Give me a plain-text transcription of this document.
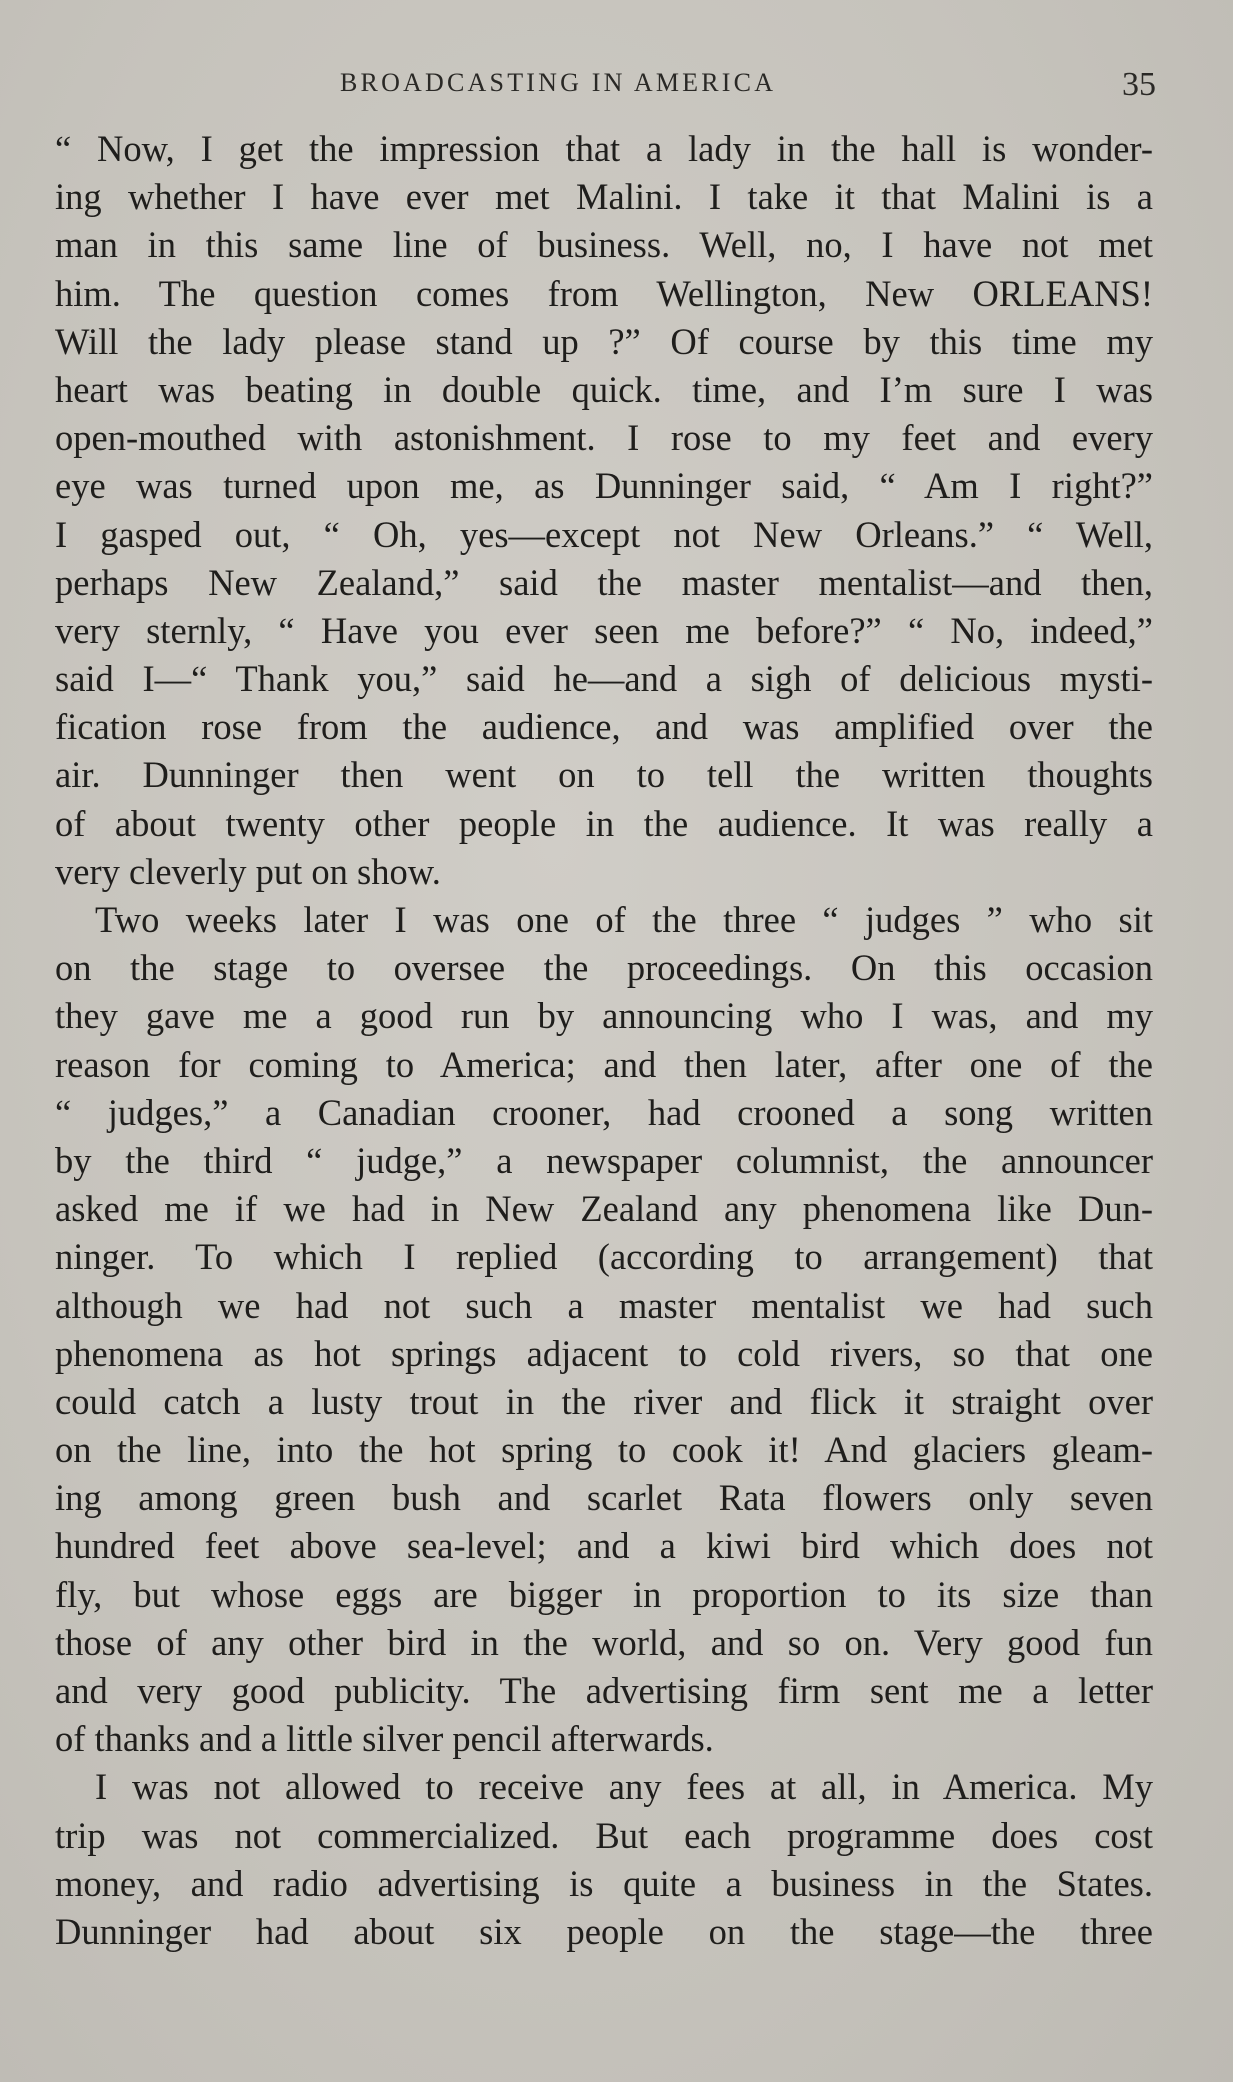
BROADCASTING IN AMERICA	35
“ Now, I get the impression that a lady in the hall is wonder-
ing whether I have ever met Malini. I take it that Malini is a
man in this same line of business. Well, no, I have not met
him. The question comes from Wellington, New ORLEANS!
Will the lady please stand up ?” Of course by this time my
heart was beating in double quick. time, and I’m sure I was
open-mouthed with astonishment. I rose to my feet and every
eye was turned upon me, as Dunninger said, “ Am I right?”
I gasped out, “ Oh, yes—except not New Orleans.” “ Well,
perhaps New Zealand,” said the master mentalist—and then,
very sternly, “ Have you ever seen me before?” “ No, indeed,”
said I—“ Thank you,” said he—and a sigh of delicious mysti-
fication rose from the audience, and was amplified over the
air. Dunninger then went on to tell the written thoughts
of about twenty other people in the audience. It was really a
very cleverly put on show.
Two weeks later I was one of the three “ judges ” who sit
on the stage to oversee the proceedings. On this occasion
they gave me a good run by announcing who I was, and my
reason for coming to America; and then later, after one of the
“ judges,” a Canadian crooner, had crooned a song written
by the third “ judge,” a newspaper columnist, the announcer
asked me if we had in New Zealand any phenomena like Dun-
ninger. To which I replied (according to arrangement) that
although we had not such a master mentalist we had such
phenomena as hot springs adjacent to cold rivers, so that one
could catch a lusty trout in the river and flick it straight over
on the line, into the hot spring to cook it! And glaciers gleam-
ing among green bush and scarlet Rata flowers only seven
hundred feet above sea-level; and a kiwi bird which does not
fly, but whose eggs are bigger in proportion to its size than
those of any other bird in the world, and so on. Very good fun
and very good publicity. The advertising firm sent me a letter
of thanks and a little silver pencil afterwards.
I was not allowed to receive any fees at all, in America. My
trip was not commercialized. But each programme does cost
money, and radio advertising is quite a business in the States.
Dunninger had about six people on the stage—the three
